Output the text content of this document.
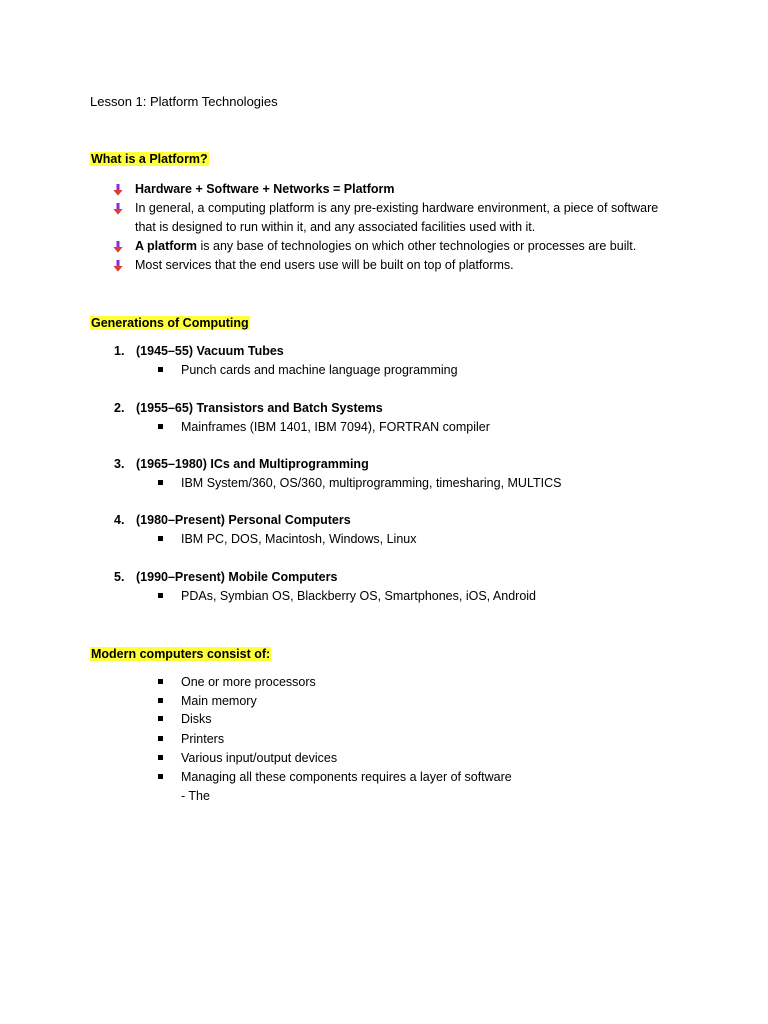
Lesson 1: Platform Technologies
What is a Platform?
Hardware + Software + Networks = Platform
In general, a computing platform is any pre-existing hardware environment, a piece of software
that is designed to run within it, and any associated facilities used with it.
A platform is any base of technologies on which other technologies or processes are built.
Most services that the end users use will be built on top of platforms.
Generations of Computing
1. (1945–55) Vacuum Tubes
Punch cards and machine language programming
2. (1955–65) Transistors and Batch Systems
Mainframes (IBM 1401, IBM 7094), FORTRAN compiler
3. (1965–1980) ICs and Multiprogramming
IBM System/360, OS/360, multiprogramming, timesharing, MULTICS
4. (1980–Present) Personal Computers
IBM PC, DOS, Macintosh, Windows, Linux
5. (1990–Present) Mobile Computers
PDAs, Symbian OS, Blackberry OS, Smartphones, iOS, Android
Modern computers consist of:
One or more processors
Main memory
Disks
Printers
Various input/output devices
Managing all these components requires a layer of software
- The
